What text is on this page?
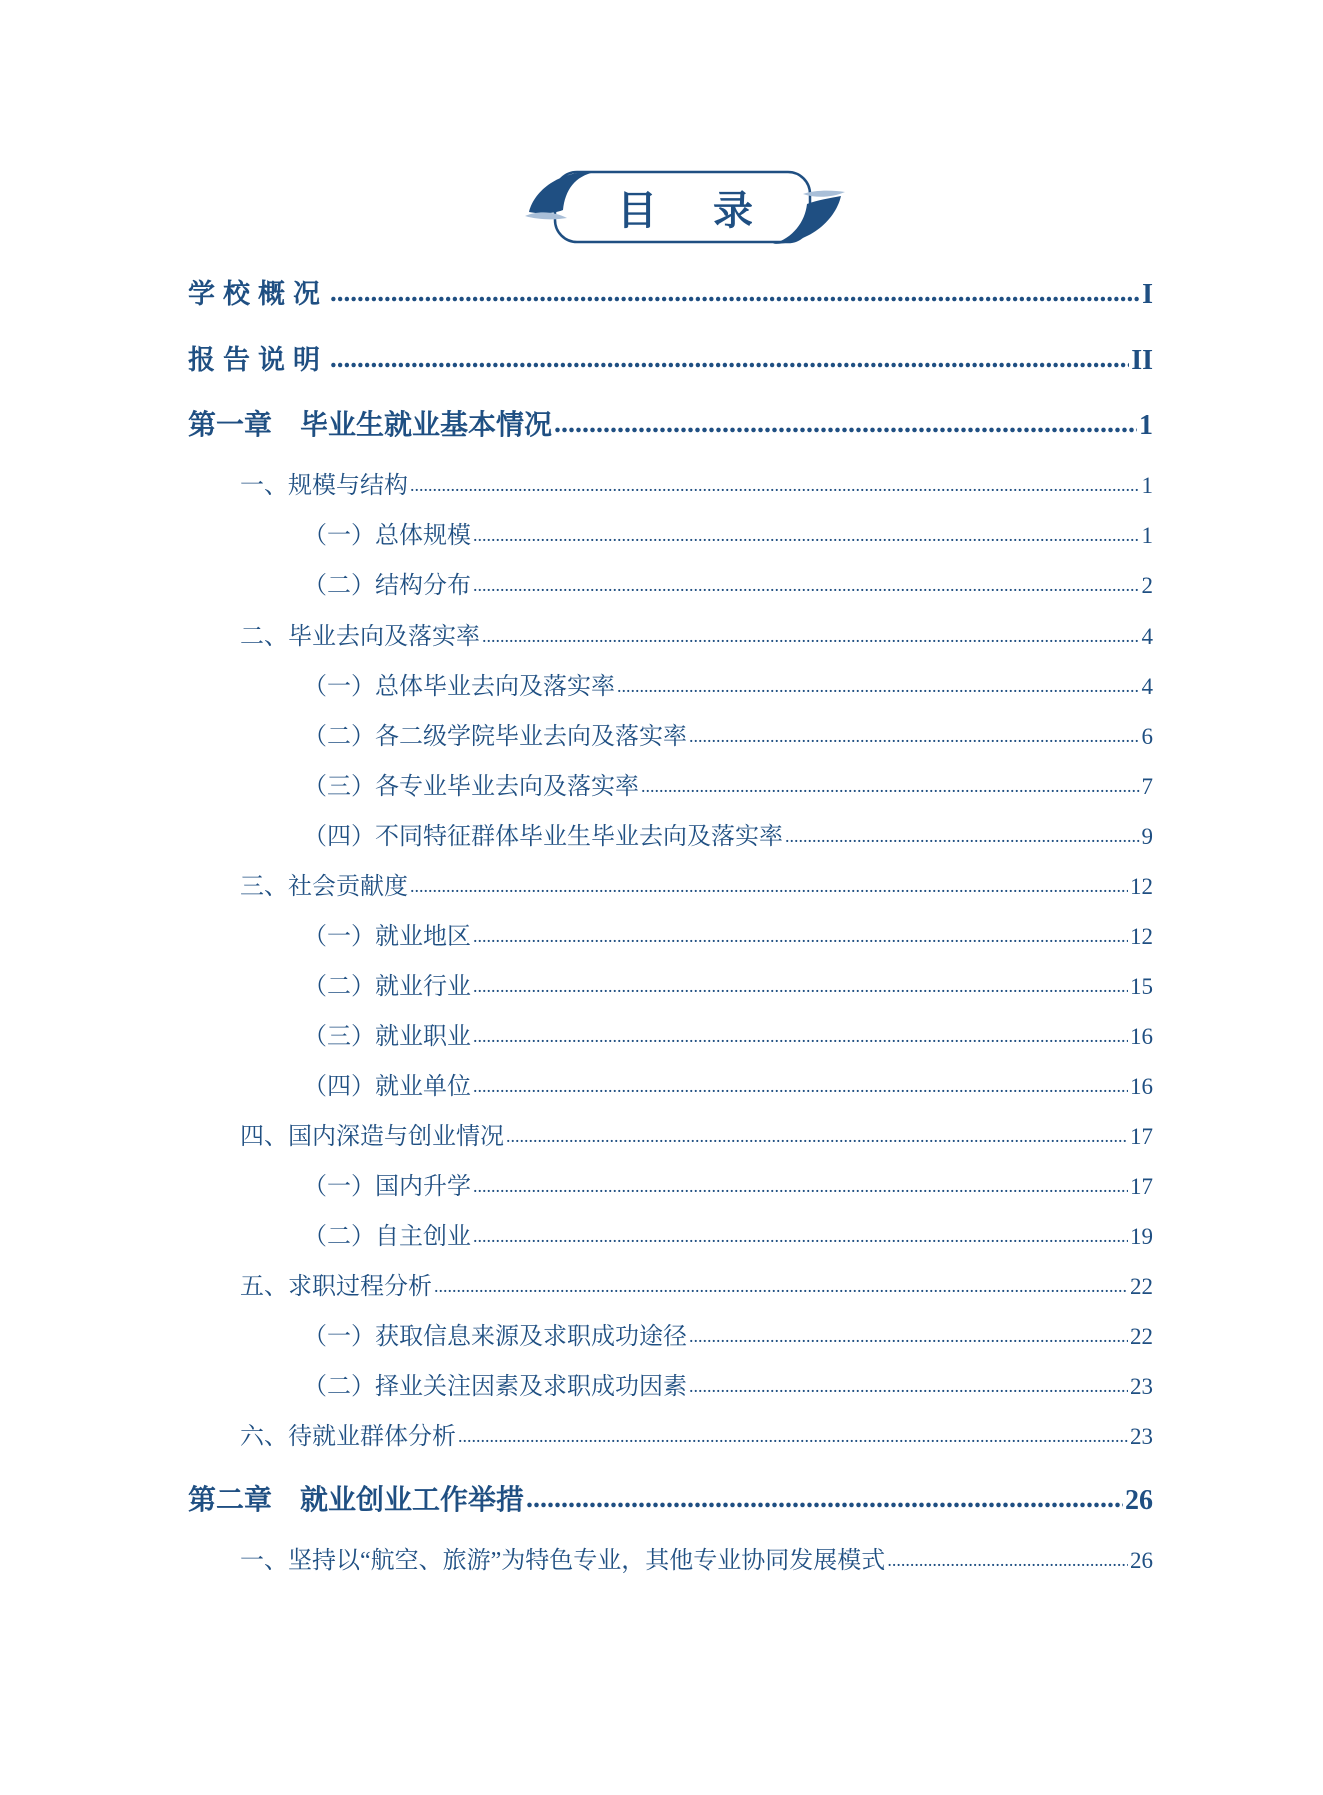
目录
学校概况 .....	I
报告说明 .....	II
第一章　毕业生就业基本情况 .....	1
一、规模与结构 .....	1
（一）总体规模 .....	1
（二）结构分布 .....	2
二、毕业去向及落实率 .....	4
（一）总体毕业去向及落实率 .....	4
（二）各二级学院毕业去向及落实率 .....	6
（三）各专业毕业去向及落实率 .....	7
（四）不同特征群体毕业生毕业去向及落实率 .....	9
三、社会贡献度 .....	12
（一）就业地区 .....	12
（二）就业行业 .....	15
（三）就业职业 .....	16
（四）就业单位 .....	16
四、国内深造与创业情况 .....	17
（一）国内升学 .....	17
（二）自主创业 .....	19
五、求职过程分析 .....	22
（一）获取信息来源及求职成功途径 .....	22
（二）择业关注因素及求职成功因素 .....	23
六、待就业群体分析 .....	23
第二章　就业创业工作举措 .....	26
一、坚持以“航空、旅游”为特色专业，其他专业协同发展模式 .....	26
